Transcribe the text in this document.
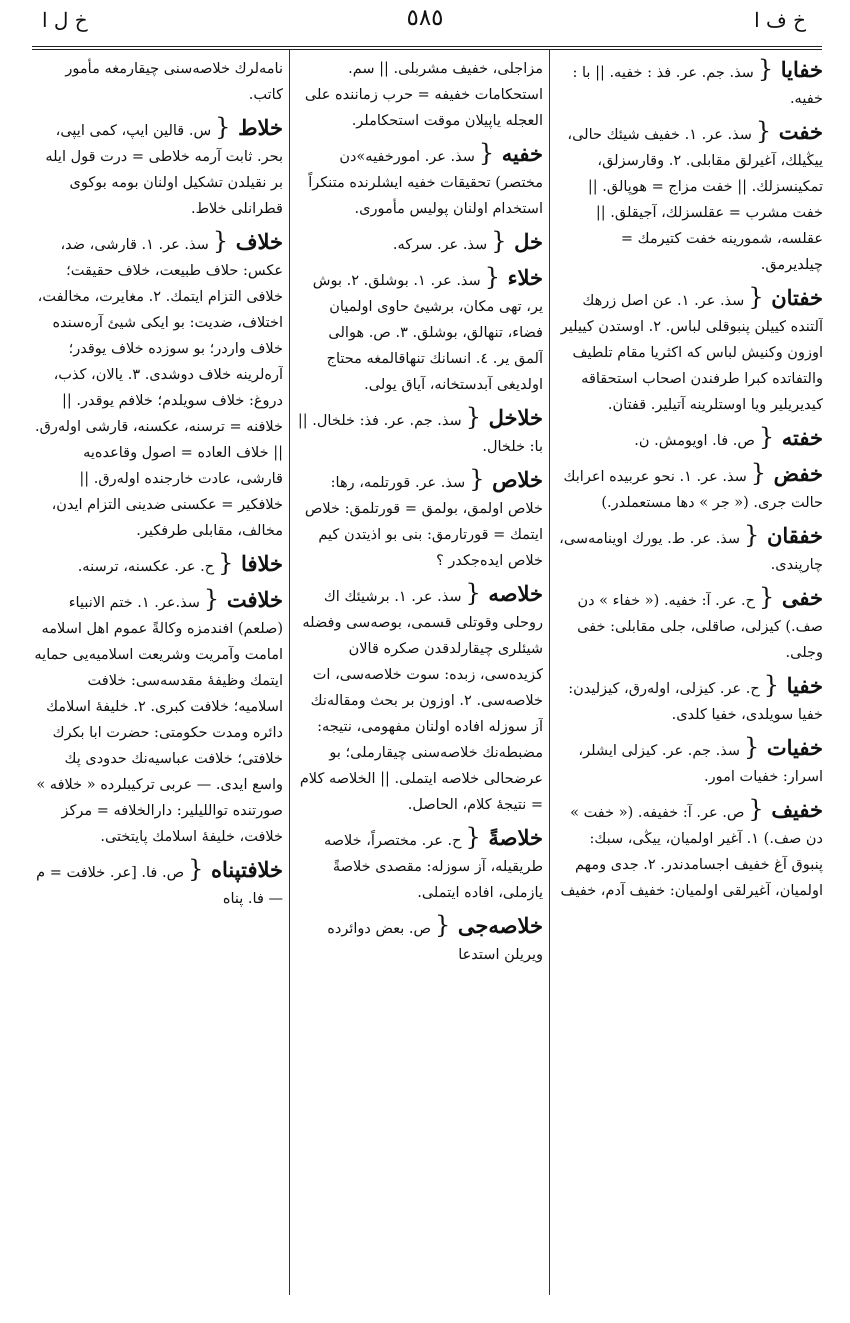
خ ل ا	٥٨٥	خ ف ا

خفایا {سذ. جم. عر. فذ : خفیه. || با : خفیه.

خفت {سذ. عر. ١. خفیف شیئك حالی، ییڭیلك، آغیرلق مقابلی. ٢. وقارسزلق، تمکینسزلك. || خفت مزاج = هوپالق. || خفت مشرب = عقلسزلك، آجیقلق. || عقلسه، شمورینه خفت کتیرمك = چیلدیرمق.

خفتان {سذ. عر. ١. عن اصل زرهك آلتنده کییلن پنبوقلی لباس. ٢. اوستدن کییلیر اوزون وکنیش لباس که اکثریا مقام تلطیف والتفاتده کبرا طرفندن اصحاب استحقاقه کیدیریلیر ویا اوستلرینه آتیلیر. قفتان.

خفته {ص. فا. اویومش. ن.

خفض {سذ. عر. ١. نحو عربیده اعرابك حالت جری. (« جر » دها مستعملدر.)

خفقان {سذ. عر. ط. یورك اوینامه‌سی، چارپندی.

خفی {ح. عر. آ: خفیه. (« خفاء » دن صف.) کیزلی، صاقلی، جلی مقابلی: خفی وجلی.

خفیا {ح. عر. کیزلی، اولەرق، کیزلیدن: خفیا سویلدی، خفیا کلدی.

خفیات {سذ. جم. عر. کیزلی ایشلر، اسرار: خفیات امور.

خفیف {ص. عر. آ: خفیفه. (« خفت » دن صف.) ١. آغیر اولمیان، ییڭی، سبك: پنبوق آغ خفیف اجسامدندر. ٢. جدی ومهم اولمیان، آغیرلقی اولمیان: خفیف آدم، خفیف

مزاجلی، خفیف مشربلی. || سم. استحکامات خفیفه = حرب زماننده علی العجله یاپیلان موقت استحکاملر.

خفیه {سذ. عر. امورخفیه»دن مختصر) تحقیقات خفیه ایشلرنده متنکراً استخدام اولنان پولیس مأموری.

خل {سذ. عر. سرکه.

خلاء {سذ. عر. ١. بوشلق. ٢. بوش یر، تهی مکان، برشیئ حاوی اولمیان فضاء، تنهالق، بوشلق. ٣. ص. هوالی آلمق یر. ٤. انسانك تنهاقالمغه محتاج اولدیغی آبدستخانه، آیاق یولی.

خلاخل {سذ. جم. عر. فذ: خلخال. || با: خلخال.

خلاص {سذ. عر. قورتلمه، رها: خلاص اولمق، بولمق = قورتلمق: خلاص ایتمك = قورتارمق: بنی بو اذیتدن کیم خلاص ایده‌جکدر ؟

خلاصه {سذ. عر. ١. برشیئك اك روحلی وقوتلی قسمی، بوصه‌سی وفضله شیئلری چیقارلدقدن صکره قالان کزیده‌سی، زبده: سوت خلاصه‌سی، ات خلاصه‌سی. ٢. اوزون بر بحث ومقاله‌نك آز سوزله افاده اولنان مفهومی، نتیجه: مضبطه‌نك خلاصه‌سنی چیقارملی؛ بو عرضحالی خلاصه ایتملی. || الخلاصه کلام = نتیجهٔ کلام، الحاصل.

خلاصةً {ح. عر. مختصراً، خلاصه طریقیله، آز سوزله: مقصدی خلاصةً یازملی، افاده ایتملی.

خلاصه‌جی {ص. بعض دوائرده ویریلن استدعا

نامه‌لرك خلاصه‌سنی چیقارمغه مأمور کاتب.

خلاط {س. قالین ایپ، کمی ایپی، بحر. ثابت آرمه خلاطی = درت قول ایله بر نقیلدن تشکیل اولنان بومه بوکوی قطرانلی خلاط.

خلاف {سذ. عر. ١. قارشی، ضد، عکس: حلاف طبیعت، خلاف حقیقت؛ خلافی التزام ایتمك. ٢. مغایرت، مخالفت، اختلاف، ضدیت: بو ایکی شیئ آره‌سنده خلاف واردر؛ بو سوزده خلاف یوقدر؛ آره‌لرینه خلاف دوشدی. ٣. یالان، کذب، دروغ: خلاف سویلدم؛ خلافم یوقدر. || خلافنه = ترسنه، عکسنه، قارشی اوله‌رق. || خلاف العاده = اصول وقاعده‌یه قارشی، عادت خارجنده اوله‌رق. || خلافکیر = عکسنی ضدینی التزام ایدن، مخالف، مقابلی طرفکیر.

خلافا {ح. عر. عکسنه، ترسنه.

خلافت {سذ.عر. ١. ختم الانبیاء (صلعم) افندمزه وکالةً عموم اهل اسلامه امامت وآمریت وشریعت اسلامیه‌یی حمایه ایتمك وظیفهٔ مقدسه‌سی: خلافت اسلامیه؛ خلافت کبری. ٢. خلیفهٔ اسلامك دائره ومدت حکومتی: حضرت ابا بکرك خلافتی؛ خلافت عباسیه‌نك حدودی پك واسع ایدی. — عربی ترکیبلرده « خلافه » صورتنده تواللیلیر: دارالخلافه = مرکز خلافت، خلیفهٔ اسلامك پایتختی.

خلافتپناه {ص. فا. [عر. خلافت = م — فا. پناه
